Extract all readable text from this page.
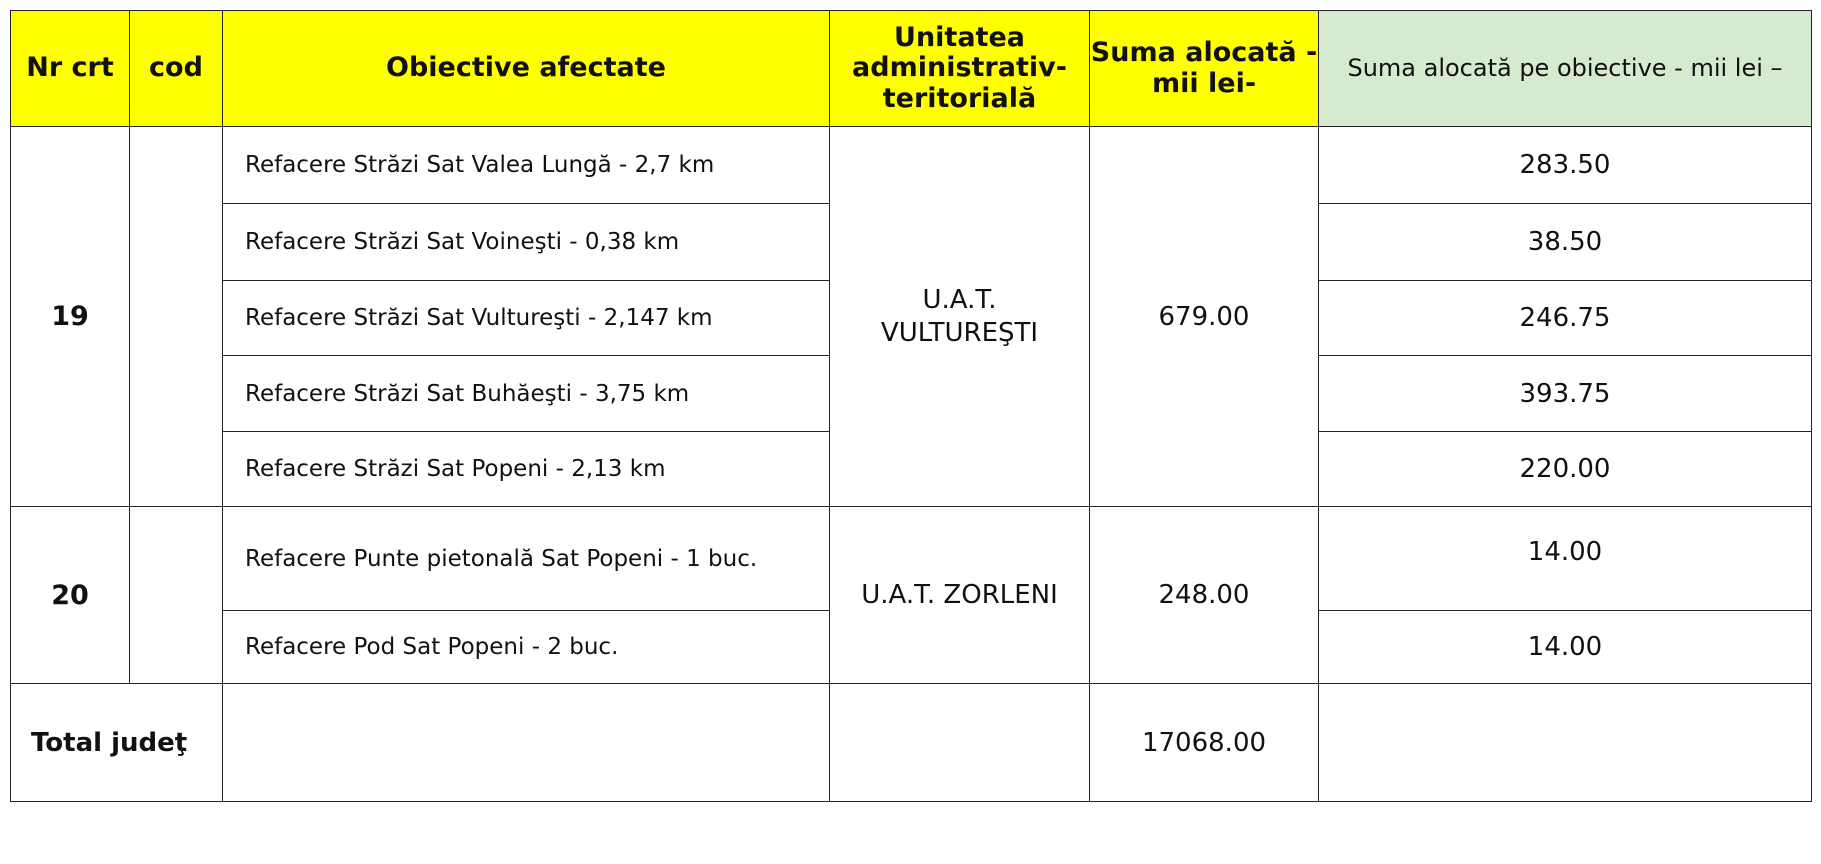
Nr crt	cod	Obiective afectate	Unitatea administrativ-teritorială	Suma alocată -mii lei-	Suma alocată pe obiective - mii lei –
19		Refacere Străzi Sat Valea Lungă - 2,7 km	U.A.T. VULTUREŞTI	679.00	283.50
		Refacere Străzi Sat Voineşti - 0,38 km			38.50
		Refacere Străzi Sat Vultureşti - 2,147 km			246.75
		Refacere Străzi Sat Buhăeşti - 3,75 km			393.75
		Refacere Străzi Sat Popeni - 2,13 km			220.00
20		Refacere Punte pietonală Sat Popeni - 1 buc.	U.A.T. ZORLENI	248.00	14.00
		Refacere Pod Sat Popeni - 2 buc.			14.00
Total judeţ				17068.00	
